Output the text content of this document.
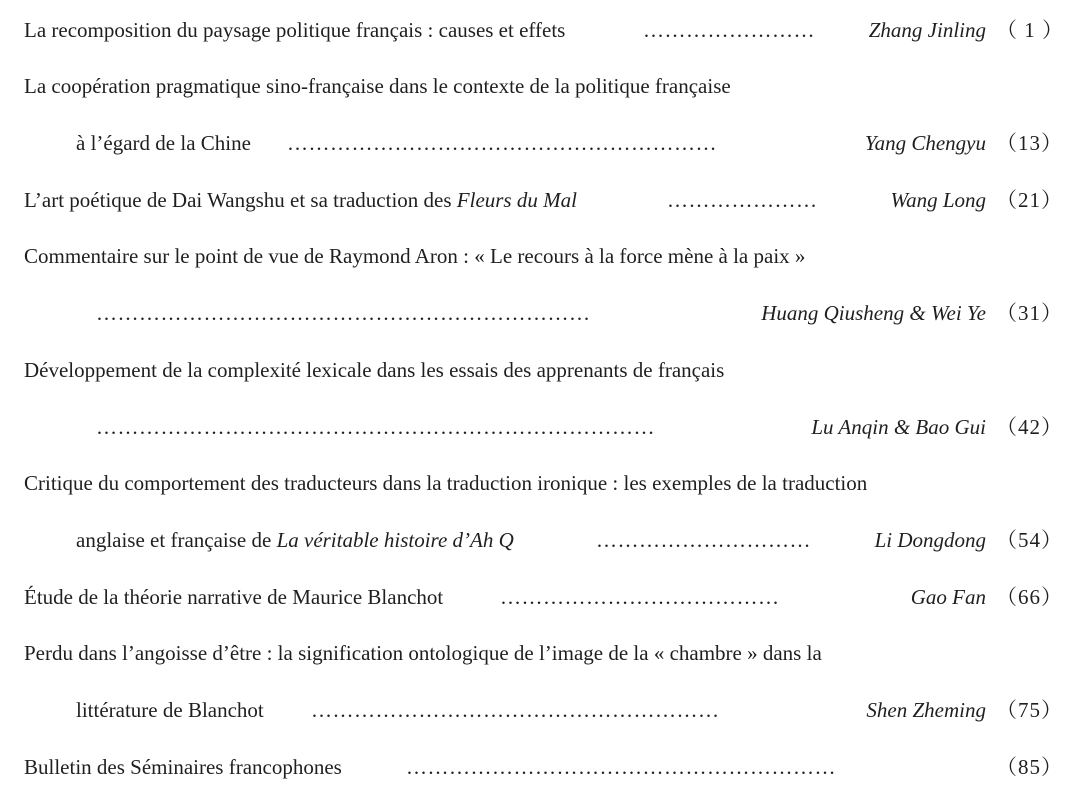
La recomposition du paysage politique français : causes et effets	……………………	Zhang Jinling （ 1 ）
La coopération pragmatique sino-française dans le contexte de la politique française
à l’égard de la Chine ……………………………………………………	Yang Chengyu （13）
L’art poétique de Dai Wangshu et sa traduction des Fleurs du Mal	…………………	Wang Long （21）
Commentaire sur le point de vue de Raymond Aron : « Le recours à la force mène à la paix »
……………………………………………………………	Huang Qiusheng & Wei Ye （31）
Développement de la complexité lexicale dans les essais des apprenants de français
……………………………………………………………………	Lu Anqin & Bao Gui （42）
Critique du comportement des traducteurs dans la traduction ironique : les exemples de la traduction
anglaise et française de La véritable histoire d’Ah Q	…………………………	Li Dongdong （54）
Étude de la théorie narrative de Maurice Blanchot	…………………………………	Gao Fan （66）
Perdu dans l’angoisse d’être : la signification ontologique de l’image de la « chambre » dans la
littérature de Blanchot …………………………………………………	Shen Zheming （75）
Bulletin des Séminaires francophones	……………………………………………………	（85）
